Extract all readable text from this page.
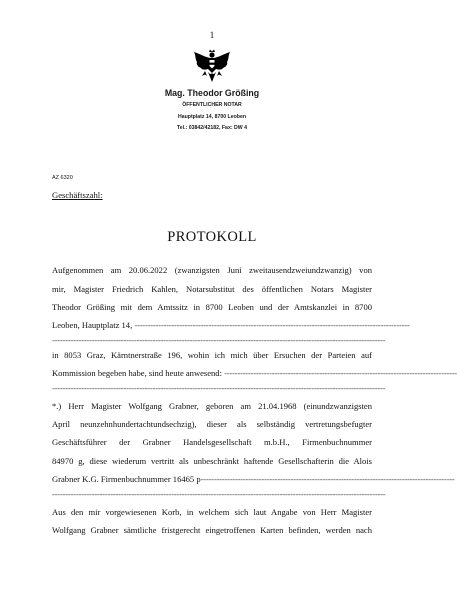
1
Mag. Theodor Größing
ÖFFENTLICHER NOTAR
Hauptplatz 14, 8700 Leoben
Tel.: 03842/42182, Fax: DW 4
AZ 6320
Geschäftszahl:
PROTOKOLL
Aufgenommen am 20.06.2022 (zwanzigsten Juni zweitausendzweiundzwanzig) von
mir, Magister Friedrich Kahlen, Notarsubstitut des öffentlichen Notars Magister
Theodor Größing mit dem Amtssitz in 8700 Leoben und der Amtskanzlei in 8700
Leoben, Hauptplatz 14, --------------------------------------------------------------------------------------------------------
------------------------------------------------------------------------------------------------------------------------------
in 8053 Graz, Kärntnerstraße 196, wohin ich mich über Ersuchen der Parteien auf
Kommission begeben habe, sind heute anwesend: ----------------------------------------------------------------------------------------
------------------------------------------------------------------------------------------------------------------------------
*.) Herr Magister Wolfgang Grabner, geboren am 21.04.1968 (einundzwanzigsten
April neunzehnhundertachtundsechzig), dieser als selbständig vertretungsbefugter
Geschäftsführer der Grabner Handelsgesellschaft m.b.H., Firmenbuchnummer
84970 g, diese wiederum vertritt als unbeschränkt haftende Gesellschafterin die Alois
Grabner K.G. Firmenbuchnummer 16465 p------------------------------------------------------------------------------------------------
------------------------------------------------------------------------------------------------------------------------------
Aus den mir vorgewiesenen Korb, in welchem sich laut Angabe von Herr Magister
Wolfgang Grabner sämtliche fristgerecht eingetroffenen Karten befinden, werden nach
